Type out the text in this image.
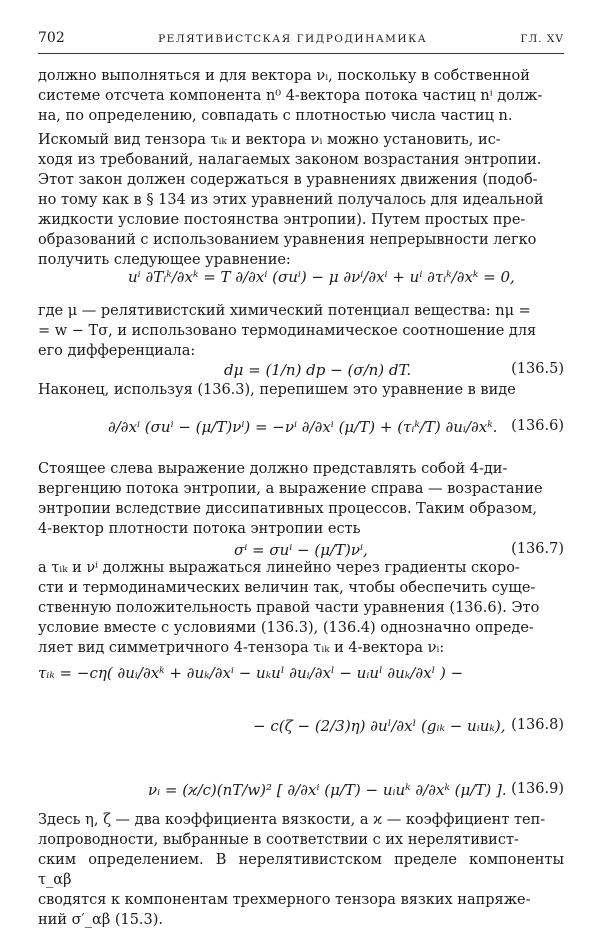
702	РЕЛЯТИВИСТСКАЯ ГИДРОДИНАМИКА	ГЛ. XV

должно выполняться и для вектора νᵢ, поскольку в собственной
системе отсчета компонента n⁰ 4-вектора потока частиц nⁱ долж-
на, по определению, совпадать с плотностью числа частиц n.

Искомый вид тензора τᵢₖ и вектора νᵢ можно установить, ис-
ходя из требований, налагаемых законом возрастания энтропии.
Этот закон должен содержаться в уравнениях движения (подоб-
но тому как в § 134 из этих уравнений получалось для идеальной
жидкости условие постоянства энтропии). Путем простых пре-
образований с использованием уравнения непрерывности легко
получить следующее уравнение:

uⁱ ∂Tᵢᵏ/∂xᵏ = T ∂/∂xⁱ (σuⁱ) − μ ∂νⁱ/∂xⁱ + uⁱ ∂τᵢᵏ/∂xᵏ = 0,

где μ — релятивистский химический потенциал вещества: nμ =
= w − Tσ, и использовано термодинамическое соотношение для
его дифференциала:

dμ = (1/n) dp − (σ/n) dT.	(136.5)

Наконец, используя (136.3), перепишем это уравнение в виде

∂/∂xⁱ (σuⁱ − (μ/T)νⁱ) = −νⁱ ∂/∂xⁱ (μ/T) + (τᵢᵏ/T) ∂uᵢ/∂xᵏ. (136.6)

Стоящее слева выражение должно представлять собой 4-ди-
вергенцию потока энтропии, а выражение справа — возрастание
энтропии вследствие диссипативных процессов. Таким образом,
4-вектор плотности потока энтропии есть

σⁱ = σuⁱ − (μ/T)νⁱ,	(136.7)

а τᵢₖ и νⁱ должны выражаться линейно через градиенты скоро-
сти и термодинамических величин так, чтобы обеспечить суще-
ственную положительность правой части уравнения (136.6). Это
условие вместе с условиями (136.3), (136.4) однозначно опреде-
ляет вид симметричного 4-тензора τᵢₖ и 4-вектора νᵢ:

τᵢₖ = −cη( ∂uᵢ/∂xᵏ + ∂uₖ/∂xⁱ − uₖuˡ ∂uᵢ/∂xˡ − uᵢuˡ ∂uₖ/∂xˡ ) −
− c(ζ − (2/3)η) ∂uˡ/∂xˡ (gᵢₖ − uᵢuₖ), (136.8)
νᵢ = (ϰ/c)(nT/w)² [ ∂/∂xⁱ (μ/T) − uᵢuᵏ ∂/∂xᵏ (μ/T) ]. (136.9)

Здесь η, ζ — два коэффициента вязкости, а ϰ — коэффициент теп-
лопроводности, выбранные в соответствии с их нерелятивист-
ским определением. В нерелятивистском пределе компоненты τ_αβ
сводятся к компонентам трехмерного тензора вязких напряже-
ний σ′_αβ (15.3).
